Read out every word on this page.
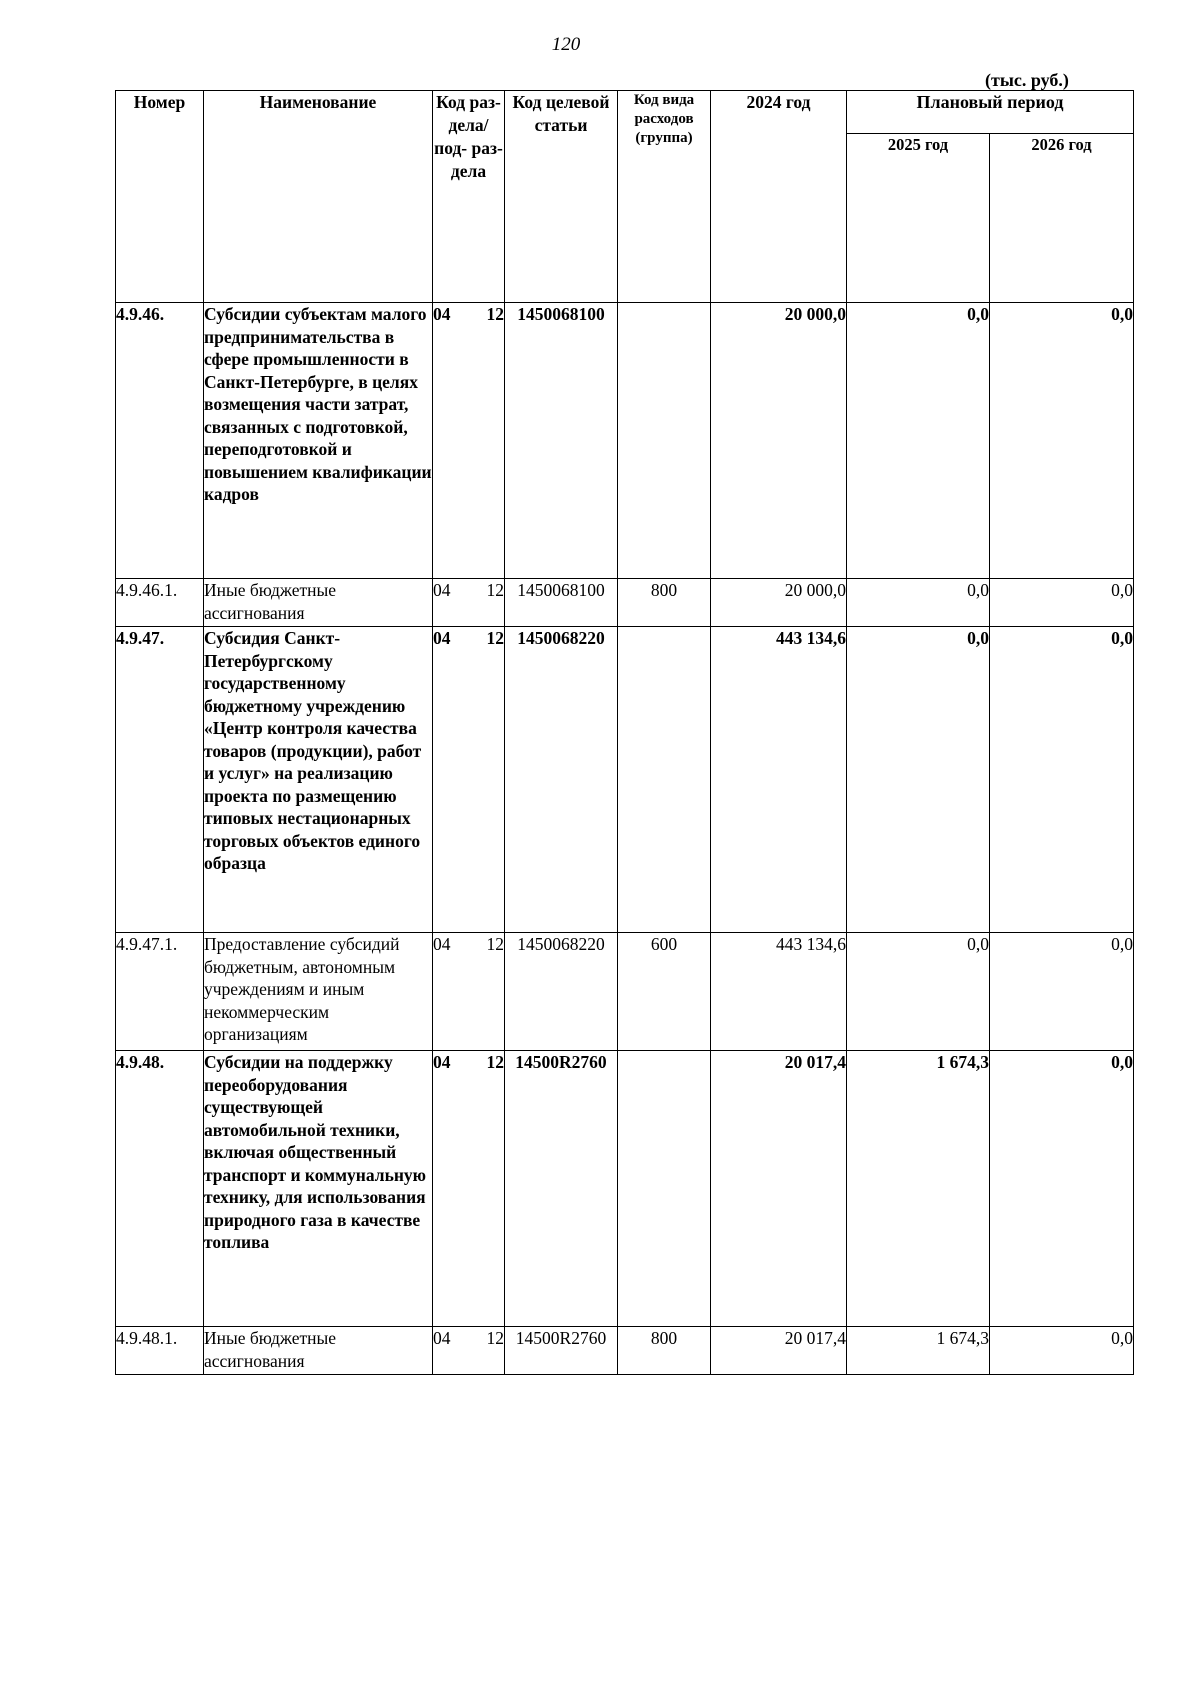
120
(тыс. руб.)
Номер	Наименование	Код раз- дела/ под- раз- дела	Код целевой статьи	Код вида расходов (группа)	2024 год	Плановый период	
						2025 год	2026 год
4.9.46.	Субсидии субъектам малого предпринимательства в сфере промышленности в Санкт-Петербурге, в целях возмещения части затрат, связанных с подготовкой, переподготовкой и повышением квалификации кадров	04 12	1450068100		20 000,0	0,0	0,0
4.9.46.1.	Иные бюджетные ассигнования	04 12	1450068100	800	20 000,0	0,0	0,0
4.9.47.	Субсидия Санкт-Петербургскому государственному бюджетному учреждению «Центр контроля качества товаров (продукции), работ и услуг» на реализацию проекта по размещению типовых нестационарных торговых объектов единого образца	04 12	1450068220		443 134,6	0,0	0,0
4.9.47.1.	Предоставление субсидий бюджетным, автономным учреждениям и иным некоммерческим организациям	04 12	1450068220	600	443 134,6	0,0	0,0
4.9.48.	Субсидии на поддержку переоборудования существующей автомобильной техники, включая общественный транспорт и коммунальную технику, для использования природного газа в качестве топлива	04 12	14500R2760		20 017,4	1 674,3	0,0
4.9.48.1.	Иные бюджетные ассигнования	04 12	14500R2760	800	20 017,4	1 674,3	0,0
